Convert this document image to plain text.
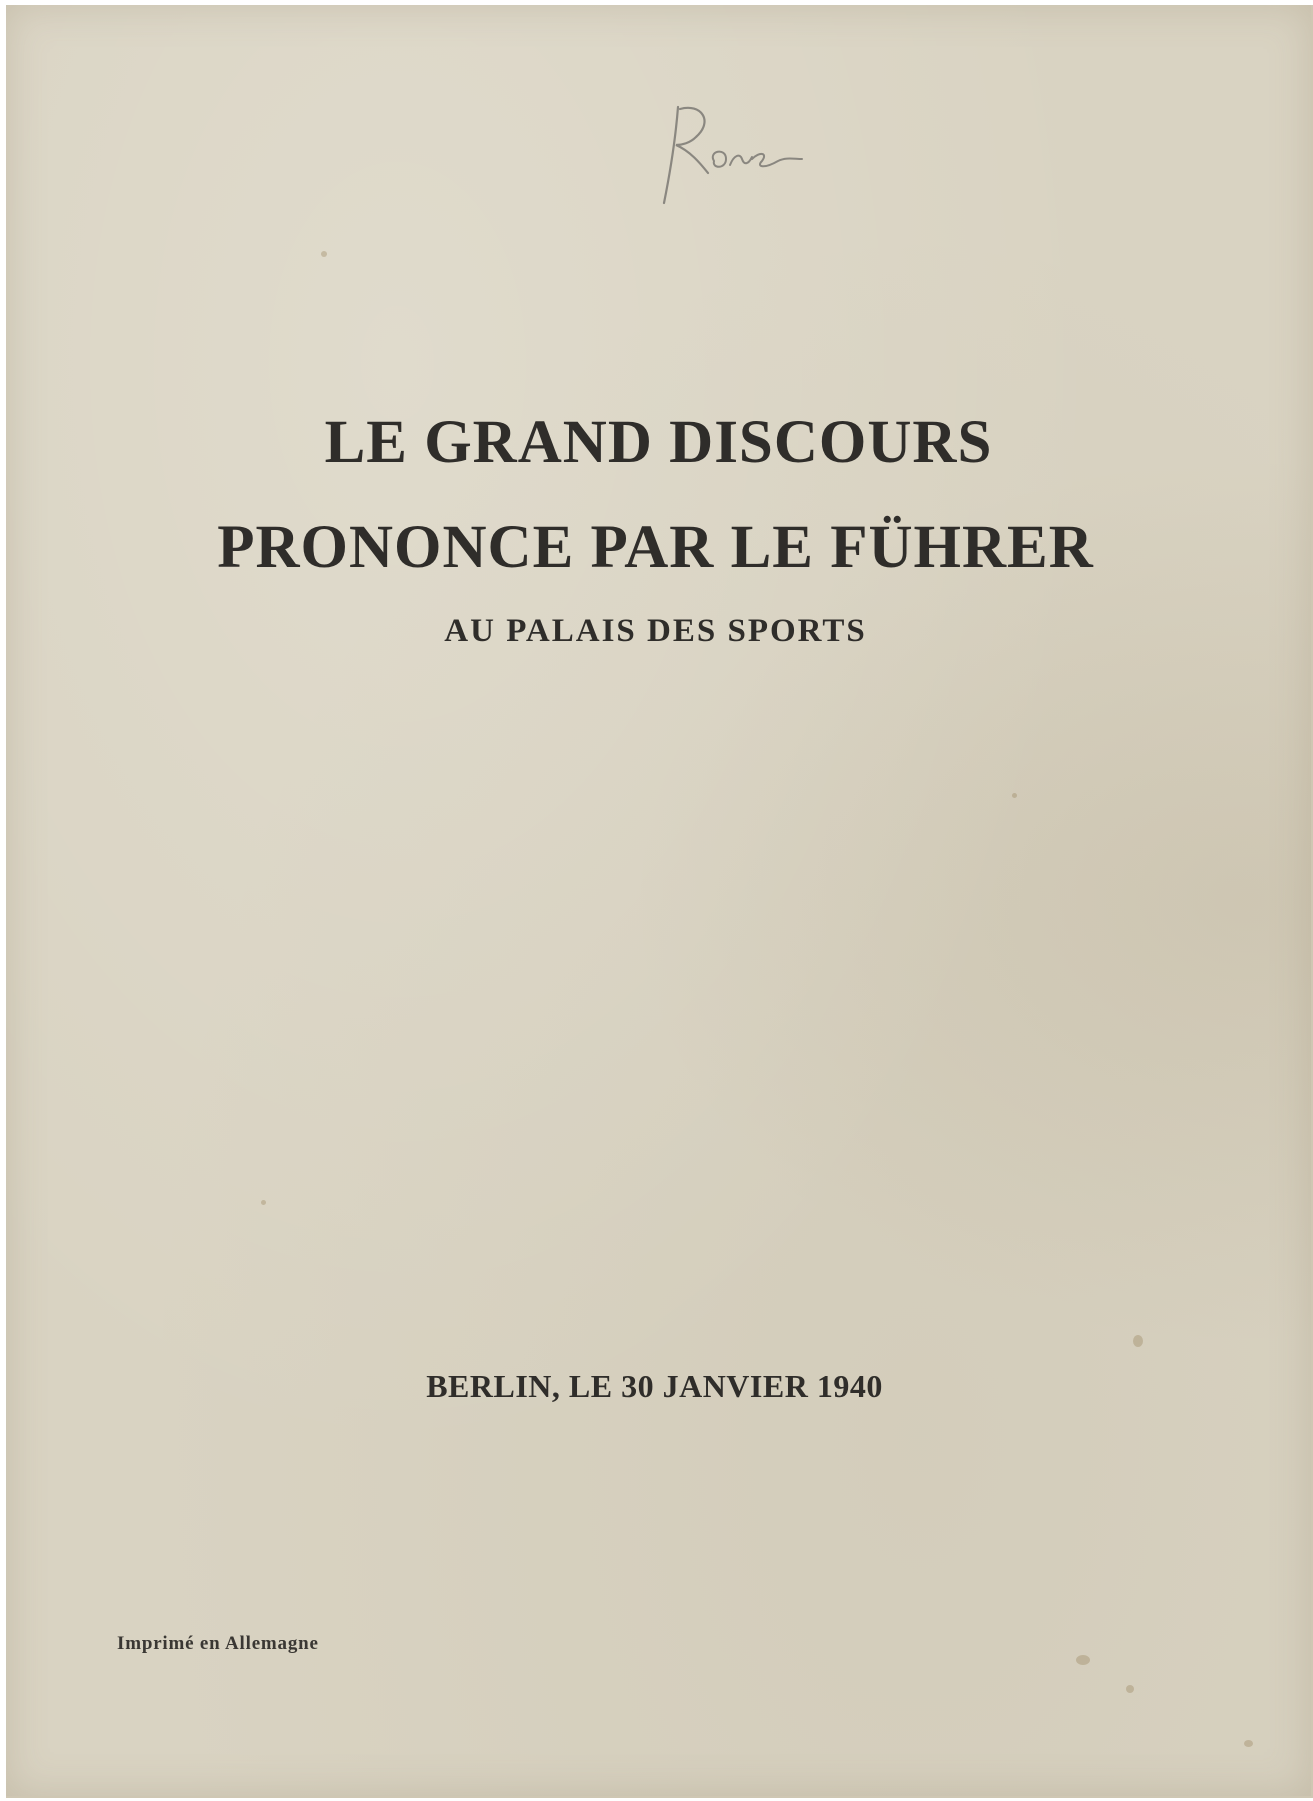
LE GRAND DISCOURS
PRONONCE PAR LE FÜHRER
AU PALAIS DES SPORTS

BERLIN, LE 30 JANVIER 1940

Imprimé en Allemagne
